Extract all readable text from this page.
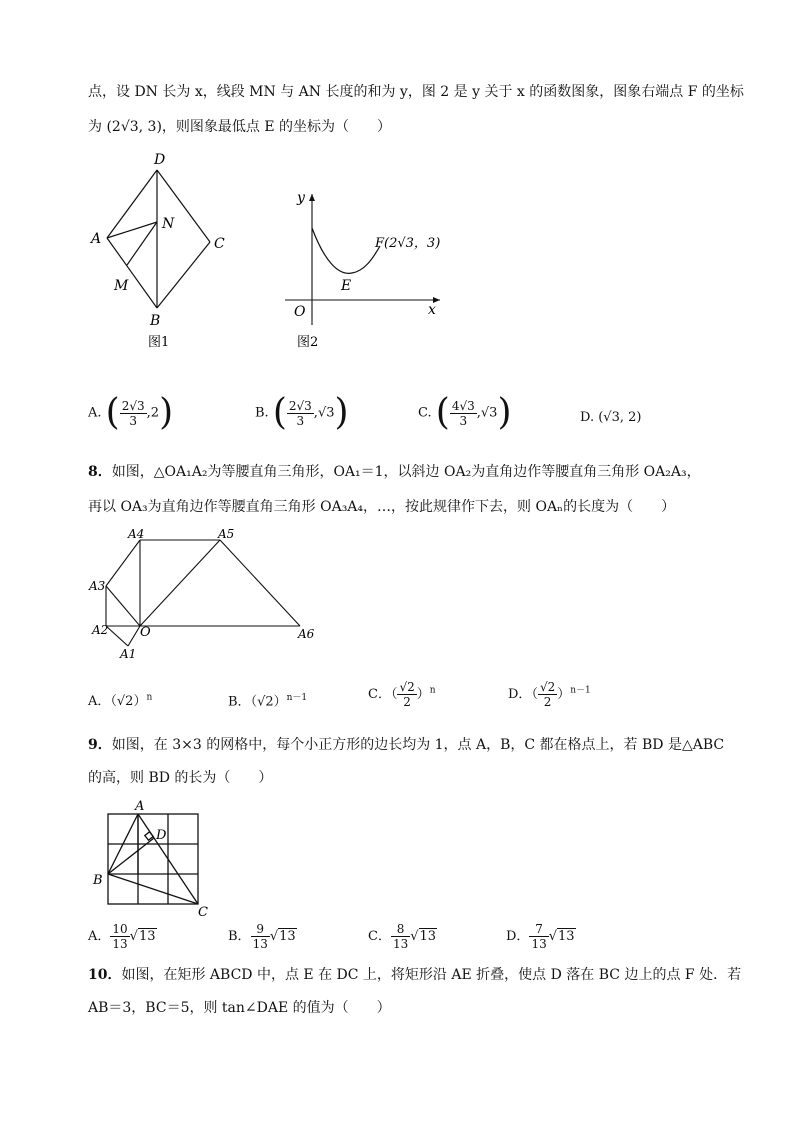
点，设 DN 长为 x，线段 MN 与 AN 长度的和为 y，图 2 是 y 关于 x 的函数图象，图象右端点 F 的坐标
为 (2√3, 3)，则图象最低点 E 的坐标为（　　）
D
A
N
C
M
B
图1
y
F(2√3，3)
E
O	x
图2
A. ( $\frac{2√3}{3} ,2$)	B. ( $\frac{2√3}{3} ,√3$)	C. ( $\frac{4√3}{3} ,√3$)	D. (√3, 2)
8．如图，△OA₁A₂为等腰直角三角形，OA₁＝1，以斜边 OA₂为直角边作等腰直角三角形 OA₂A₃，
再以 OA₃为直角边作等腰直角三角形 OA₃A₄，…，按此规律作下去，则 OAₙ的长度为（　　）
A4	A5
A3
A2 O
A1
A6
A．$(√2)^n$	B．$(√2)^{n-1}$	C．（ $\frac{√2}{2} )^n$	D．（ $\frac{√2}{2} )^{n-1}$
9．如图，在 3×3 的网格中，每个小正方形的边长均为 1，点 A，B，C 都在格点上，若 BD 是△ABC
的高，则 BD 的长为（　　）
A
D
B
C
A． $\frac{10}{13} √13$	B． $\frac{9}{13} √13$	C． $\frac{8}{13} √13$	D． $\frac{7}{13} √13$
10．如图，在矩形 ABCD 中，点 E 在 DC 上，将矩形沿 AE 折叠，使点 D 落在 BC 边上的点 F 处．若
AB＝3，BC＝5，则 tan∠DAE 的值为（　　）
